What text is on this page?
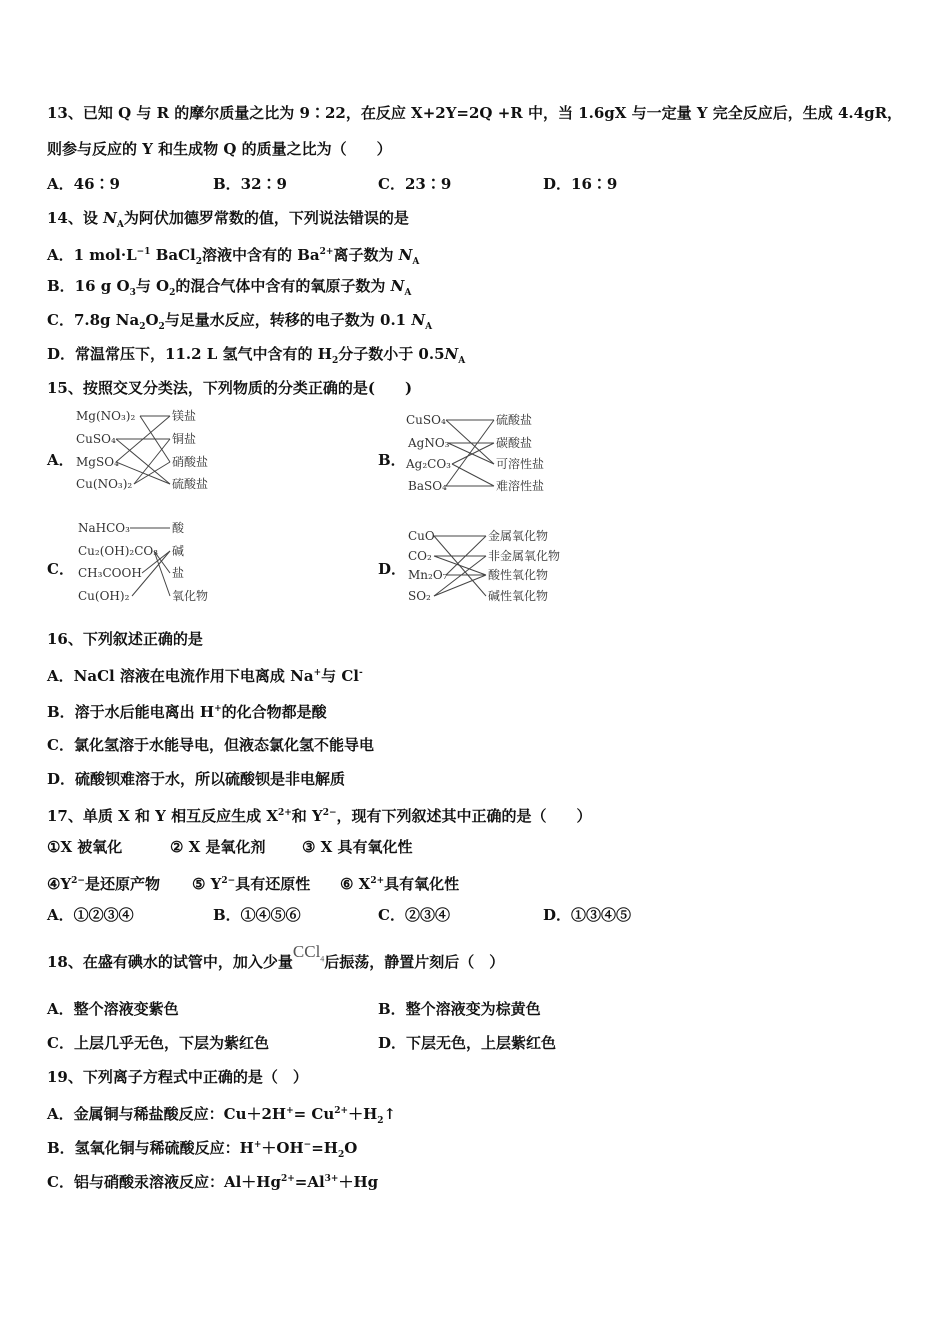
13、已知 Q 与 R 的摩尔质量之比为 9∶22，在反应 X+2Y=2Q +R 中，当 1.6gX 与一定量 Y 完全反应后，生成 4.4gR，
则参与反应的 Y 和生成物 Q 的质量之比为（　　）
A．46∶9	B．32∶9	C．23∶9	D．16∶9
14、设 $N_A$为阿伏加德罗常数的值，下列说法错误的是
A．1 $mol\cdot L^{-1}$ BaCl$_2$溶液中含有的 $Ba^{2+}$离子数为 $N_A$
B．16 g $O_3$与 $O_2$的混合气体中含有的氧原子数为 $N_A$
C．7.8g $Na_2O_2$与足量水反应，转移的电子数为 0.1 $N_A$
D．常温常压下，11.2 L 氢气中含有的 $H_2$分子数小于 $0.5N_A$
15、按照交叉分类法，下列物质的分类正确的是(　　)
A．
Mg(NO₃)₂
CuSO₄
MgSO₄
Cu(NO₃)₂
镁盐
铜盐
硝酸盐
硫酸盐
B．
CuSO₄
AgNO₃
Ag₂CO₃
BaSO₄
硫酸盐
碳酸盐
可溶性盐
难溶性盐
C．
NaHCO₃
Cu₂(OH)₂CO₃
CH₃COOH
Cu(OH)₂
酸
碱
盐
氧化物
D．
CuO
CO₂
Mn₂O₇
SO₂
金属氧化物
非金属氧化物
酸性氧化物
碱性氧化物
16、下列叙述正确的是
A．NaCl 溶液在电流作用下电离成 Na+与 Cl-
B．溶于水后能电离出 H+的化合物都是酸
C．氯化氢溶于水能导电，但液态氯化氢不能导电
D．硫酸钡难溶于水，所以硫酸钡是非电解质
17、单质 X 和 Y 相互反应生成 $X^{2+}$和 $Y^{2-}$，现有下列叙述其中正确的是（　　）
①X 被氧化	② X 是氧化剂 ③ X 具有氧化性
$④Y^{2-}$是还原产物 ⑤ $Y^{2-}$具有还原性 ⑥ $X^{2+}$具有氧化性
A．①②③④	B．①④⑤⑥	C．②③④	D．①③④⑤
18、在盛有碘水的试管中，加入少量CCl$_4$后振荡，静置片刻后（　）
A．整个溶液变紫色	B．整个溶液变为棕黄色
C．上层几乎无色，下层为紫红色	D．下层无色，上层紫红色
19、下列离子方程式中正确的是（　）
A．金属铜与稀盐酸反应：$Cu+2H^+= Cu^{2+}+H_2↑$
B．氢氧化铜与稀硫酸反应：$H^++OH^-=H_2O$
C．铝与硝酸汞溶液反应：$Al+Hg^{2+}=Al^{3+}+Hg$
